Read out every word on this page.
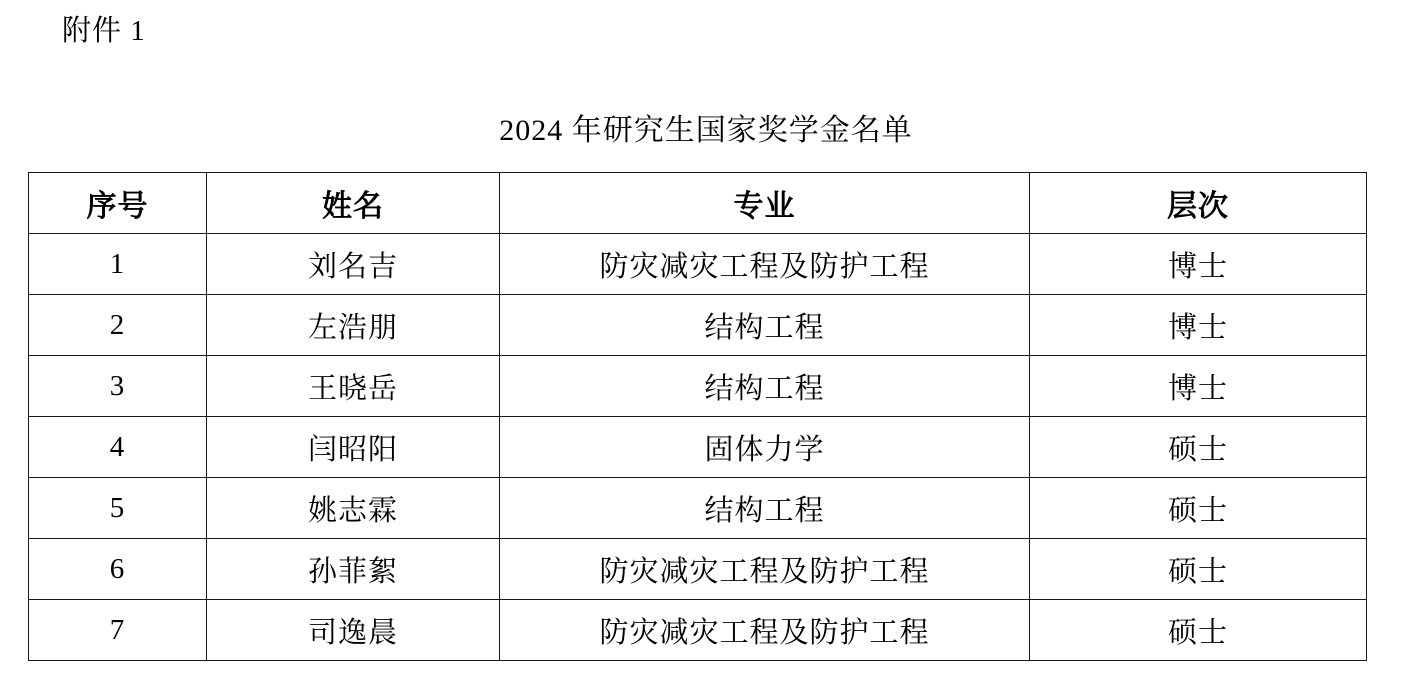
附件 1
2024 年研究生国家奖学金名单
序号	姓名	专业	层次
1	刘名吉	防灾减灾工程及防护工程	博士
2	左浩朋	结构工程	博士
3	王晓岳	结构工程	博士
4	闫昭阳	固体力学	硕士
5	姚志霖	结构工程	硕士
6	孙菲絮	防灾减灾工程及防护工程	硕士
7	司逸晨	防灾减灾工程及防护工程	硕士
